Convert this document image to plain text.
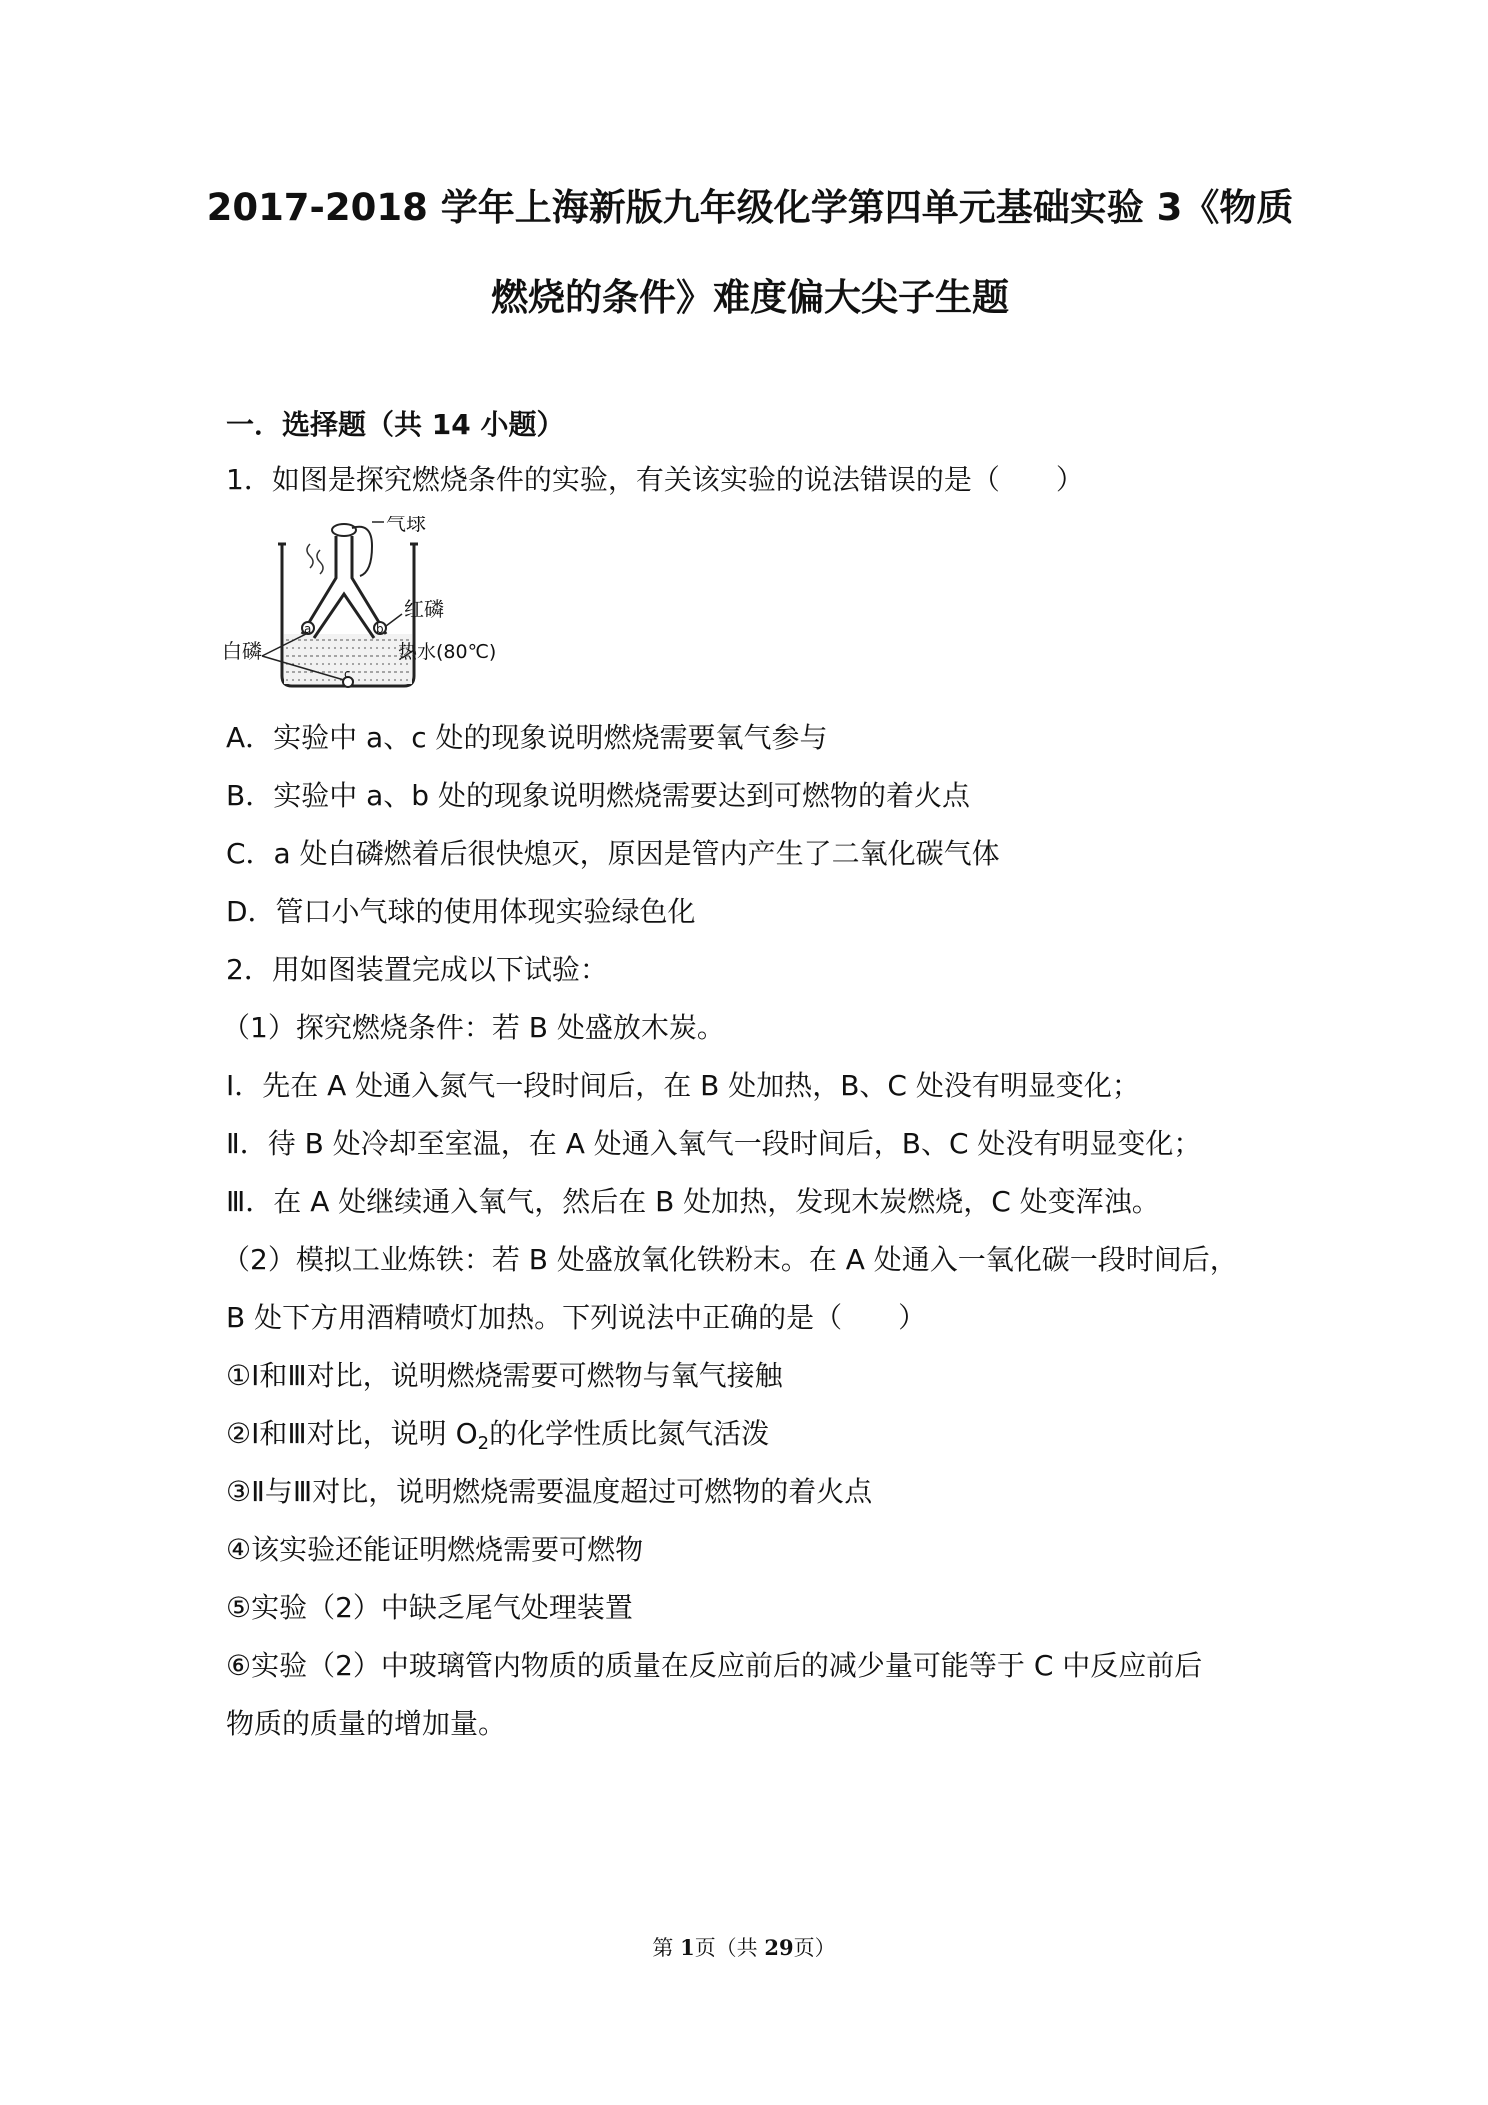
2017-2018 学年上海新版九年级化学第四单元基础实验 3《物质
燃烧的条件》难度偏大尖子生题
一．选择题（共 14 小题）
1．如图是探究燃烧条件的实验，有关该实验的说法错误的是（　　）
气球
红磷
热水(80℃)
白磷
a	b
c
A．实验中 a、c 处的现象说明燃烧需要氧气参与
B．实验中 a、b 处的现象说明燃烧需要达到可燃物的着火点
C．a 处白磷燃着后很快熄灭，原因是管内产生了二氧化碳气体
D．管口小气球的使用体现实验绿色化
2．用如图装置完成以下试验：
（1）探究燃烧条件：若 B 处盛放木炭。
Ⅰ．先在 A 处通入氮气一段时间后，在 B 处加热，B、C 处没有明显变化；
Ⅱ．待 B 处冷却至室温，在 A 处通入氧气一段时间后，B、C 处没有明显变化；
Ⅲ．在 A 处继续通入氧气，然后在 B 处加热，发现木炭燃烧，C 处变浑浊。
（2）模拟工业炼铁：若 B 处盛放氧化铁粉末。在 A 处通入一氧化碳一段时间后，
B 处下方用酒精喷灯加热。下列说法中正确的是（　　）
①Ⅰ和Ⅲ对比，说明燃烧需要可燃物与氧气接触
②Ⅰ和Ⅲ对比，说明 $O_2$的化学性质比氮气活泼
③Ⅱ与Ⅲ对比，说明燃烧需要温度超过可燃物的着火点
④该实验还能证明燃烧需要可燃物
⑤实验（2）中缺乏尾气处理装置
⑥实验（2）中玻璃管内物质的质量在反应前后的减少量可能等于 C 中反应前后
物质的质量的增加量。
第 1页（共 29页）
